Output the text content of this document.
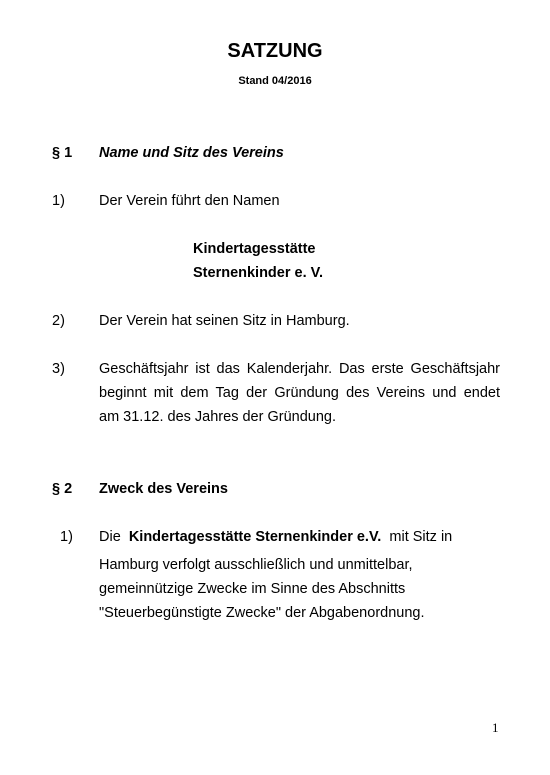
SATZUNG
Stand 04/2016
§ 1 Name und Sitz des Vereins
1) Der Verein führt den Namen
Kindertagesstätte
Sternenkinder e. V.
2) Der Verein hat seinen Sitz in Hamburg.
3) Geschäftsjahr ist das Kalenderjahr. Das erste Geschäftsjahr
beginnt mit dem Tag der Gründung des Vereins und endet
am 31.12. des Jahres der Gründung.
§ 2 Zweck des Vereins
1) Die Kindertagesstätte Sternenkinder e.V. mit Sitz in
Hamburg verfolgt ausschließlich und unmittelbar,
gemeinnützige Zwecke im Sinne des Abschnitts
"Steuerbegünstigte Zwecke" der Abgabenordnung.
1
